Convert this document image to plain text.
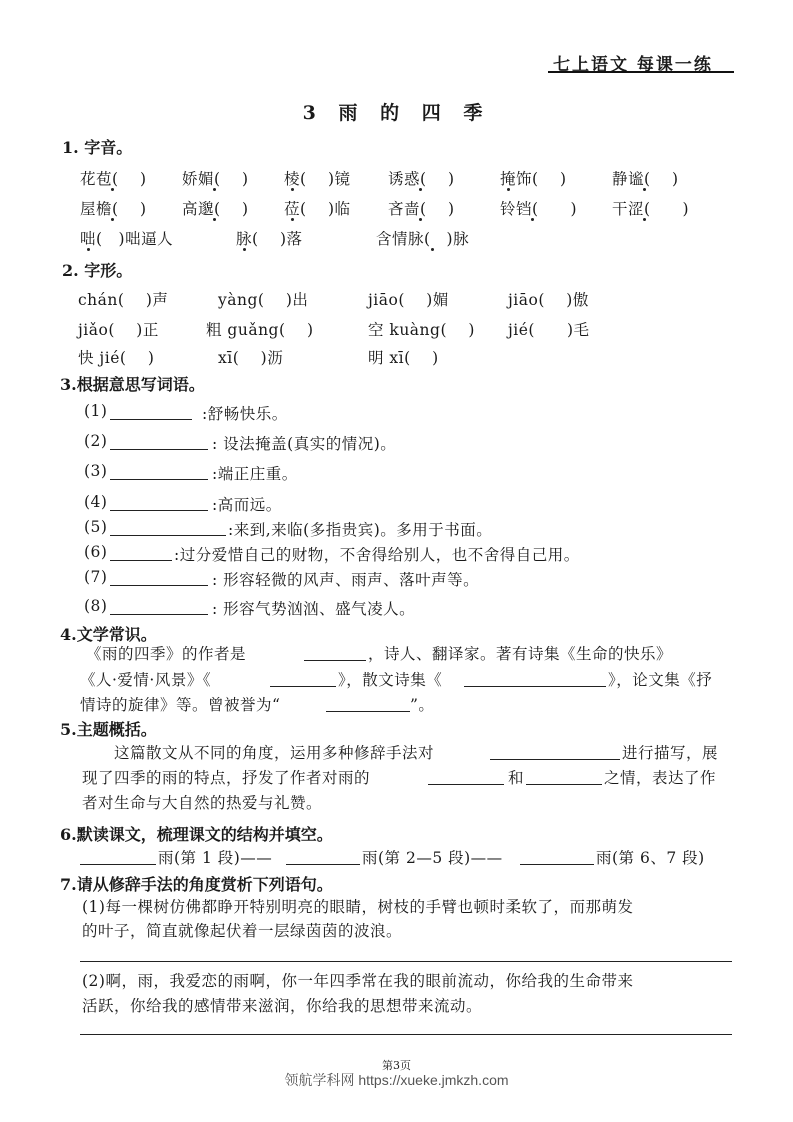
七上语文 每课一练
3 雨 的 四 季
1. 字音。
花苞(　 ) 娇媚(　 ) 棱(　 )镜 诱惑(　 )	掩饰(　 )	静谧(　 )
屋檐(　 ) 高邈(　 ) 莅(　 )临 吝啬(　 )	铃铛(　　) 干涩(　　)
咄(　)咄逼人	脉(　 )落	含情脉(　)脉
2. 字形。
chán(　 )声	yàng(　 )出	jiāo(　 )媚	jiāo(　 )傲
jiǎo(　 )正	粗 guǎng(　 )	空 kuàng(　 ) jié(　　)毛
快 jié(　 )	xī(　 )沥	明 xī(　 )
3.根据意思写词语。
(1)	:舒畅快乐。
(2)	: 设法掩盖(真实的情况)。
(3)	:端正庄重。
(4)	:高而远。
(5)	:来到,来临(多指贵宾)。多用于书面。
(6)	:过分爱惜自己的财物，不舍得给别人，也不舍得自己用。
(7)	: 形容轻微的风声、雨声、落叶声等。
(8)	: 形容气势汹汹、盛气凌人。
4.文学常识。
《雨的四季》的作者是	，诗人、翻译家。著有诗集《生命的快乐》
《人·爱情·风景》《	》，散文诗集《	》，论文集《抒
情诗的旋律》等。曾被誉为“	”。
5.主题概括。
这篇散文从不同的角度，运用多种修辞手法对	进行描写，展
现了四季的雨的特点，抒发了作者对雨的	和	之情，表达了作
者对生命与大自然的热爱与礼赞。
6.默读课文，梳理课文的结构并填空。
雨(第 1 段)——	雨(第 2—5 段)——	雨(第 6、7 段)
7.请从修辞手法的角度赏析下列语句。
(1)每一棵树仿佛都睁开特别明亮的眼睛，树枝的手臂也顿时柔软了，而那萌发
的叶子，简直就像起伏着一层绿茵茵的波浪。
(2)啊，雨，我爱恋的雨啊，你一年四季常在我的眼前流动，你给我的生命带来
活跃，你给我的感情带来滋润，你给我的思想带来流动。
第3页
领航学科网 https://xueke.jmkzh.com
